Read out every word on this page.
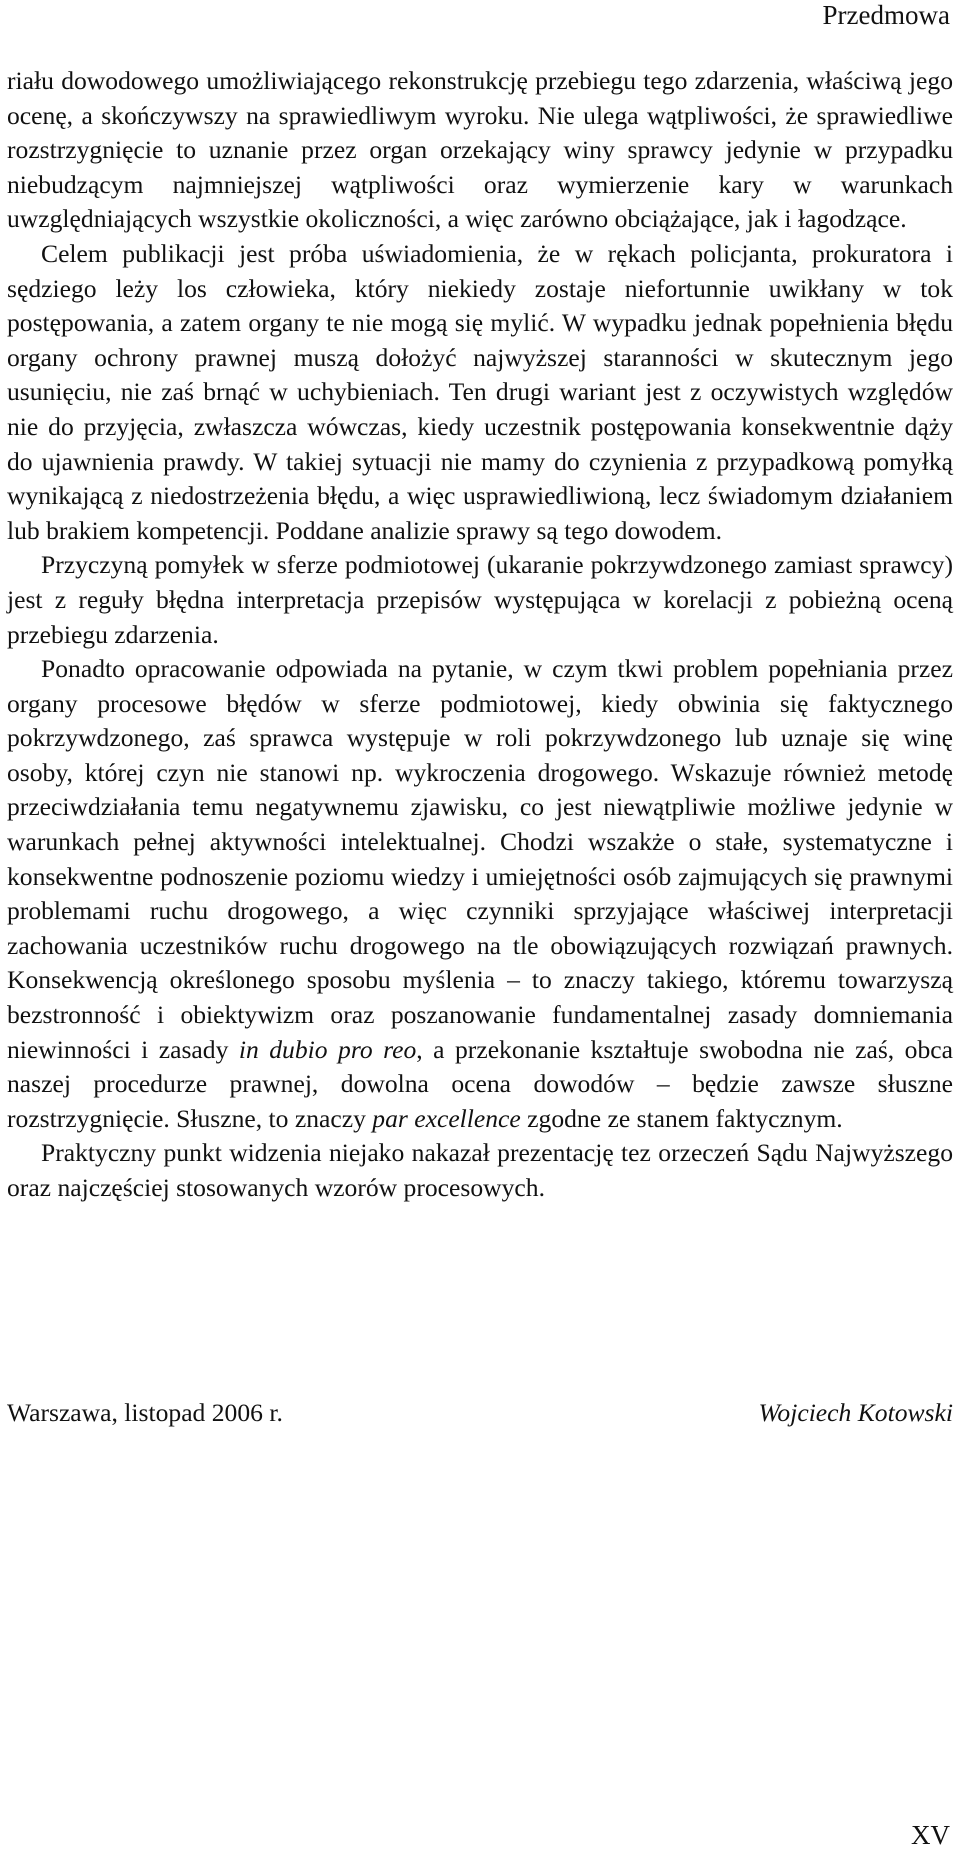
Przedmowa

riału dowodowego umożliwiającego rekonstrukcję przebiegu tego zdarzenia, właściwą jego ocenę, a skończywszy na sprawiedliwym wyroku. Nie ulega wątpliwości, że sprawiedliwe rozstrzygnięcie to uznanie przez organ orzekający winy sprawcy jedynie w przypadku niebudzącym najmniejszej wątpliwości oraz wymierzenie kary w warunkach uwzględniających wszystkie okoliczności, a więc zarówno obciążające, jak i łagodzące.

Celem publikacji jest próba uświadomienia, że w rękach policjanta, prokuratora i sędziego leży los człowieka, który niekiedy zostaje niefortunnie uwikłany w tok postępowania, a zatem organy te nie mogą się mylić. W wypadku jednak popełnienia błędu organy ochrony prawnej muszą dołożyć najwyższej staranności w skutecznym jego usunięciu, nie zaś brnąć w uchybieniach. Ten drugi wariant jest z oczywistych względów nie do przyjęcia, zwłaszcza wówczas, kiedy uczestnik postępowania konsekwentnie dąży do ujawnienia prawdy. W takiej sytuacji nie mamy do czynienia z przypadkową pomyłką wynikającą z niedostrzeżenia błędu, a więc usprawiedliwioną, lecz świadomym działaniem lub brakiem kompetencji. Poddane analizie sprawy są tego dowodem.

Przyczyną pomyłek w sferze podmiotowej (ukaranie pokrzywdzonego zamiast sprawcy) jest z reguły błędna interpretacja przepisów występująca w korelacji z pobieżną oceną przebiegu zdarzenia.

Ponadto opracowanie odpowiada na pytanie, w czym tkwi problem popełniania przez organy procesowe błędów w sferze podmiotowej, kiedy obwinia się faktycznego pokrzywdzonego, zaś sprawca występuje w roli pokrzywdzonego lub uznaje się winę osoby, której czyn nie stanowi np. wykroczenia drogowego. Wskazuje również metodę przeciwdziałania temu negatywnemu zjawisku, co jest niewątpliwie możliwe jedynie w warunkach pełnej aktywności intelektualnej. Chodzi wszakże o stałe, systematyczne i konsekwentne podnoszenie poziomu wiedzy i umiejętności osób zajmujących się prawnymi problemami ruchu drogowego, a więc czynniki sprzyjające właściwej interpretacji zachowania uczestników ruchu drogowego na tle obowiązujących rozwiązań prawnych. Konsekwencją określonego sposobu myślenia – to znaczy takiego, któremu towarzyszą bezstronność i obiektywizm oraz poszanowanie fundamentalnej zasady domniemania niewinności i zasady in dubio pro reo, a przekonanie kształtuje swobodna nie zaś, obca naszej procedurze prawnej, dowolna ocena dowodów – będzie zawsze słuszne rozstrzygnięcie. Słuszne, to znaczy par excellence zgodne ze stanem faktycznym.

Praktyczny punkt widzenia niejako nakazał prezentację tez orzeczeń Sądu Najwyższego oraz najczęściej stosowanych wzorów procesowych.

Warszawa, listopad 2006 r.	Wojciech Kotowski
XV
